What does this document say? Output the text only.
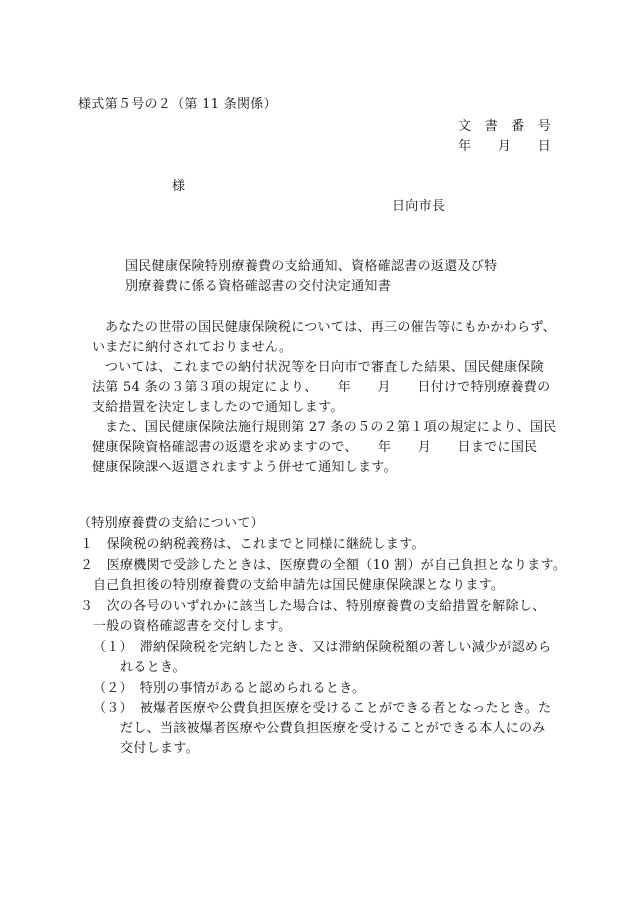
様式第５号の２（第 11 条関係）
文　書　番　号
年　　月　　日
様
日向市長
国民健康保険特別療養費の支給通知、資格確認書の返還及び特
別療養費に係る資格確認書の交付決定通知書
あなたの世帯の国民健康保険税については、再三の催告等にもかかわらず、
いまだに納付されておりません。
ついては、これまでの納付状況等を日向市で審査した結果、国民健康保険
法第 54 条の３第３項の規定により、　　年　　月　　日付けで特別療養費の
支給措置を決定しましたので通知します。
また、国民健康保険法施行規則第 27 条の５の２第１項の規定により、国民
健康保険資格確認書の返還を求めますので、　　年　　月　　日までに国民
健康保険課へ返還されますよう併せて通知します。
（特別療養費の支給について）
１　保険税の納税義務は、これまでと同様に継続します。
２　医療機関で受診したときは、医療費の全額（10 割）が自己負担となります。
自己負担後の特別療養費の支給申請先は国民健康保険課となります。
３　次の各号のいずれかに該当した場合は、特別療養費の支給措置を解除し、
一般の資格確認書を交付します。
（１）　滞納保険税を完納したとき、又は滞納保険税額の著しい減少が認めら
れるとき。
（２）　特別の事情があると認められるとき。
（３）　被爆者医療や公費負担医療を受けることができる者となったとき。た
だし、当該被爆者医療や公費負担医療を受けることができる本人にのみ
交付します。
